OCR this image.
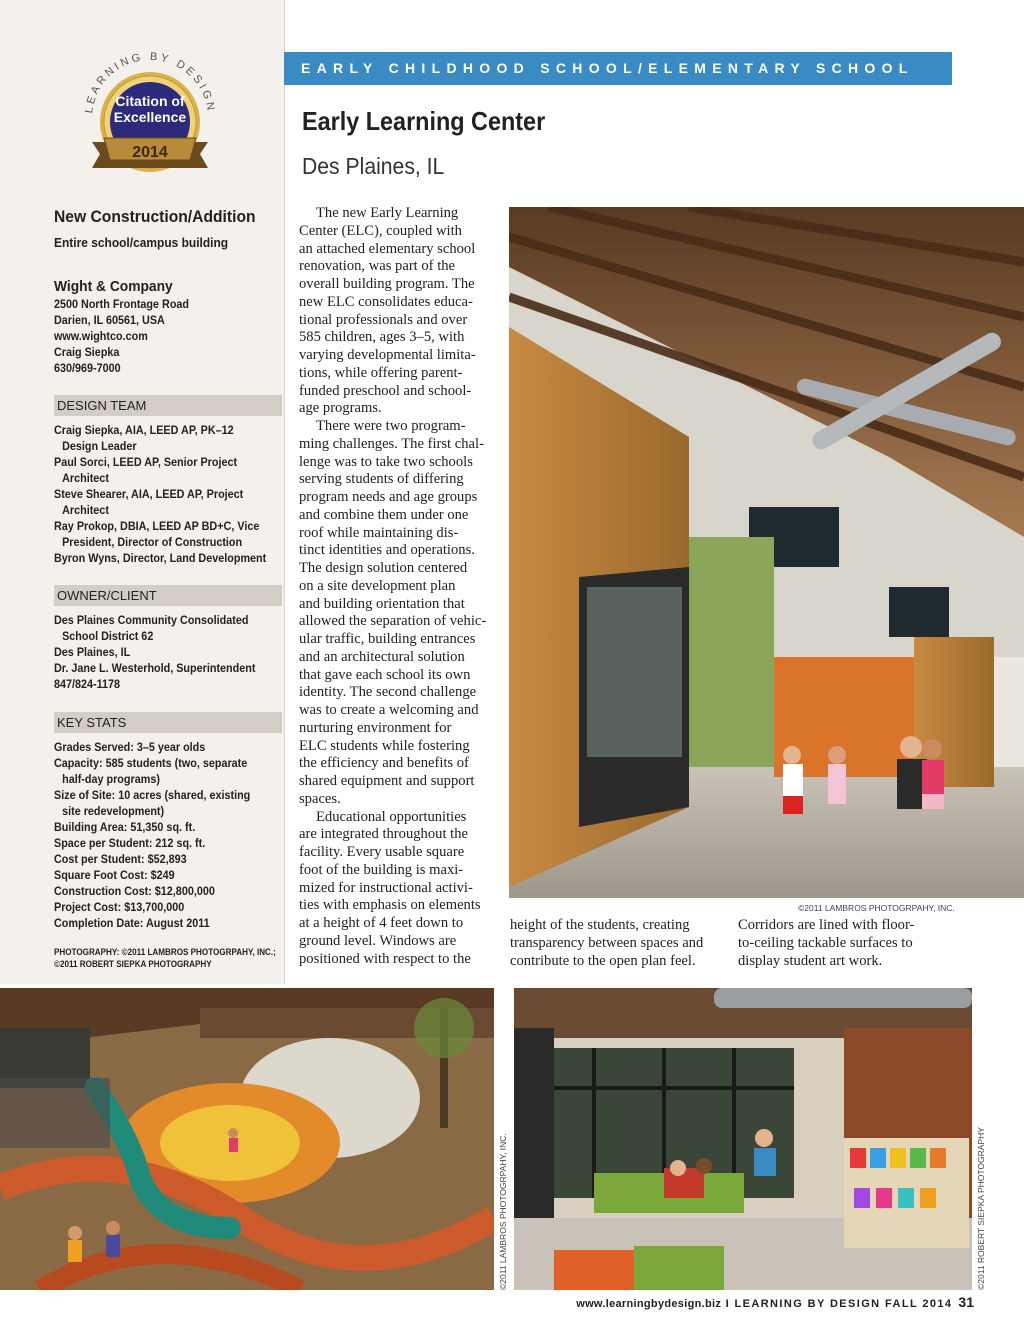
LEARNING BY DESIGN
Citation of
Excellence
2014
New Construction/Addition
Entire school/campus building
Wight & Company
2500 North Frontage Road
Darien, IL 60561, USA
www.wightco.com
Craig Siepka
630/969-7000
DESIGN TEAM
Craig Siepka, AIA, LEED AP, PK–12
Design Leader
Paul Sorci, LEED AP, Senior Project
Architect
Steve Shearer, AIA, LEED AP, Project
Architect
Ray Prokop, DBIA, LEED AP BD+C, Vice
President, Director of Construction
Byron Wyns, Director, Land Development
OWNER/CLIENT
Des Plaines Community Consolidated
School District 62
Des Plaines, IL
Dr. Jane L. Westerhold, Superintendent
847/824-1178
KEY STATS
Grades Served: 3–5 year olds
Capacity: 585 students (two, separate
half-day programs)
Size of Site: 10 acres (shared, existing
site redevelopment)
Building Area: 51,350 sq. ft.
Space per Student: 212 sq. ft.
Cost per Student: $52,893
Square Foot Cost: $249
Construction Cost: $12,800,000
Project Cost: $13,700,000
Completion Date: August 2011
PHOTOGRAPHY: ©2011 LAMBROS PHOTOGRPAHY, INC.;
©2011 ROBERT SIEPKA PHOTOGRAPHY
EARLY CHILDHOOD SCHOOL/ELEMENTARY SCHOOL
Early Learning Center
Des Plaines, IL

The new Early Learning
Center (ELC), coupled with
an attached elementary school
renovation, was part of the
overall building program. The
new ELC consolidates educa-
tional professionals and over
585 children, ages 3–5, with
varying developmental limita-
tions, while offering parent-
funded preschool and school-
age programs.

There were two program-
ming challenges. The first chal-
lenge was to take two schools
serving students of differing
program needs and age groups
and combine them under one
roof while maintaining dis-
tinct identities and operations.
The design solution centered
on a site development plan
and building orientation that
allowed the separation of vehic-
ular traffic, building entrances
and an architectural solution
that gave each school its own
identity. The second challenge
was to create a welcoming and
nurturing environment for
ELC students while fostering
the efficiency and benefits of
shared equipment and support
spaces.

Educational opportunities
are integrated throughout the
facility. Every usable square
foot of the building is maxi-
mized for instructional activi-
ties with emphasis on elements
at a height of 4 feet down to
ground level. Windows are
positioned with respect to the

©2011 LAMBROS PHOTOGRPAHY, INC.
height of the students, creating
transparency between spaces and
contribute to the open plan feel.
Corridors are lined with floor-
to-ceiling tackable surfaces to
display student art work.
©2011 LAMBROS PHOTOGRPAHY, INC.	©2011 ROBERT SIEPKA PHOTOGRAPHY
www.learningbydesign.biz I LEARNING BY DESIGN FALL 2014 31
